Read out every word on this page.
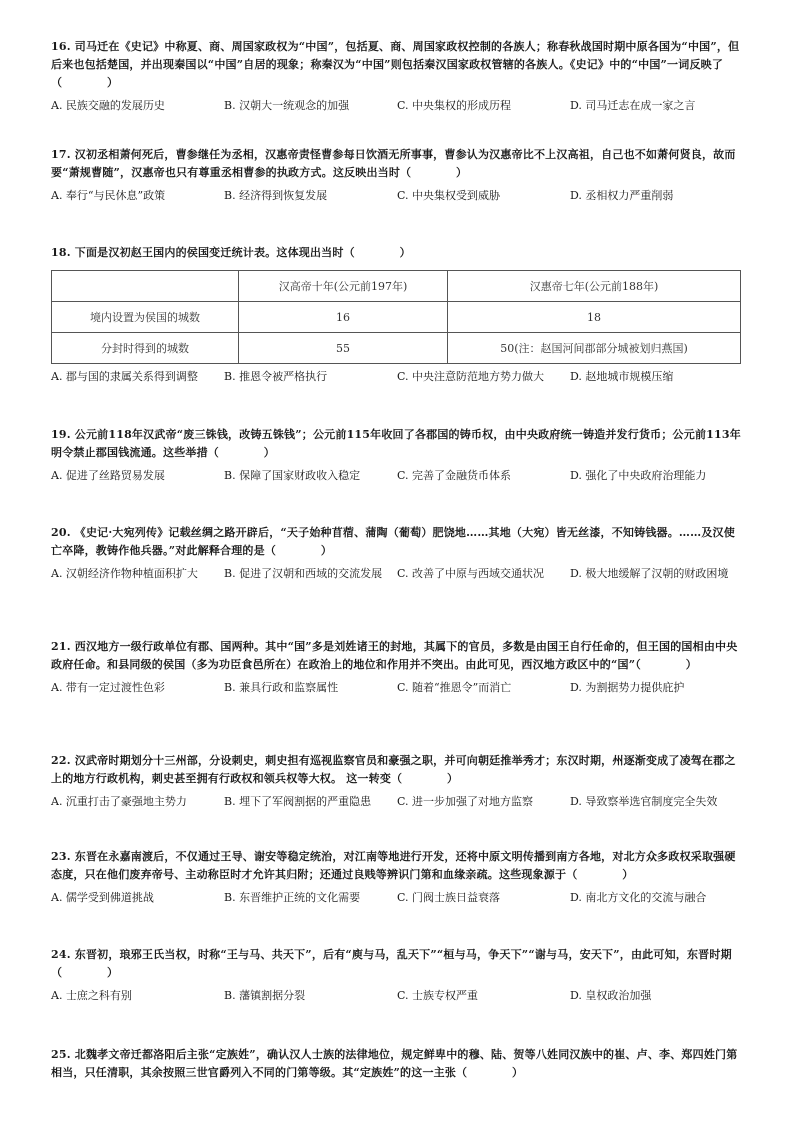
16. 司马迁在《史记》中称夏、商、周国家政权为“中国”，包括夏、商、周国家政权控制的各族人；称春秋战国时期中原各国为“中国”，但后来也包括楚国，并出现秦国以“中国”自居的现象；称秦汉为“中国”则包括秦汉国家政权管辖的各族人。《史记》中的“中国”一词反映了（　　　　）

A. 民族交融的发展历史	B. 汉朝大一统观念的加强	C. 中央集权的形成历程	D. 司马迁志在成一家之言

17. 汉初丞相萧何死后，曹参继任为丞相，汉惠帝责怪曹参每日饮酒无所事事，曹参认为汉惠帝比不上汉高祖，自己也不如萧何贤良，故而要“萧规曹随”，汉惠帝也只有尊重丞相曹参的执政方式。这反映出当时（　　　　）

A. 奉行“与民休息”政策	B. 经济得到恢复发展	C. 中央集权受到威胁	D. 丞相权力严重削弱

18. 下面是汉初赵王国内的侯国变迁统计表。这体现出当时（　　　　）

	汉高帝十年(公元前197年)	汉惠帝七年(公元前188年)
境内设置为侯国的城数	16	18
分封时得到的城数	55	50(注：赵国河间郡部分城被划归燕国)
A. 郡与国的隶属关系得到调整	B. 推恩令被严格执行	C. 中央注意防范地方势力做大	D. 赵地城市规模压缩

19. 公元前118年汉武帝“废三铢钱，改铸五铢钱”；公元前115年收回了各郡国的铸币权，由中央政府统一铸造并发行货币；公元前113年明令禁止郡国钱流通。这些举措（　　　　）

A. 促进了丝路贸易发展	B. 保障了国家财政收入稳定	C. 完善了金融货币体系	D. 强化了中央政府治理能力

20. 《史记·大宛列传》记载丝绸之路开辟后，“天子始种苜蓿、蒲陶（葡萄）肥饶地……其地（大宛）皆无丝漆，不知铸钱器。……及汉使亡卒降，教铸作他兵器。”对此解释合理的是（　　　　）

A. 汉朝经济作物种植面积扩大	B. 促进了汉朝和西域的交流发展	C. 改善了中原与西域交通状况	D. 极大地缓解了汉朝的财政困境

21. 西汉地方一级行政单位有郡、国两种。其中“国”多是刘姓诸王的封地，其属下的官员，多数是由国王自行任命的，但王国的国相由中央政府任命。和县同级的侯国（多为功臣食邑所在）在政治上的地位和作用并不突出。由此可见，西汉地方政区中的“国”（　　　　）

A. 带有一定过渡性色彩	B. 兼具行政和监察属性	C. 随着“推恩令”而消亡	D. 为割据势力提供庇护

22. 汉武帝时期划分十三州部，分设刺史，刺史担有巡视监察官员和豪强之职，并可向朝廷推举秀才；东汉时期，州逐渐变成了凌驾在郡之上的地方行政机构，刺史甚至拥有行政权和领兵权等大权。 这一转变（　　　　）

A. 沉重打击了豪强地主势力	B. 埋下了军阀割据的严重隐患	C. 进一步加强了对地方监察	D. 导致察举选官制度完全失效

23. 东晋在永嘉南渡后，不仅通过王导、谢安等稳定统治，对江南等地进行开发，还将中原文明传播到南方各地，对北方众多政权采取强硬态度，只在他们废弃帝号、主动称臣时才允许其归附；还通过良贱等辨识门第和血缘亲疏。这些现象源于（　　　　）

A. 儒学受到佛道挑战	B. 东晋维护正统的文化需要	C. 门阀士族日益衰落	D. 南北方文化的交流与融合

24. 东晋初，琅邪王氏当权，时称“王与马、共天下”，后有“庾与马，乱天下”“桓与马，争天下”“谢与马，安天下”，由此可知，东晋时期（　　　　）

A. 士庶之科有别	B. 藩镇割据分裂	C. 士族专权严重	D. 皇权政治加强

25. 北魏孝文帝迁都洛阳后主张“定族姓”，确认汉人士族的法律地位，规定鲜卑中的穆、陆、贺等八姓同汉族中的崔、卢、李、郑四姓门第相当，只任清职，其余按照三世官爵列入不同的门第等级。其“定族姓”的这一主张（　　　　）
